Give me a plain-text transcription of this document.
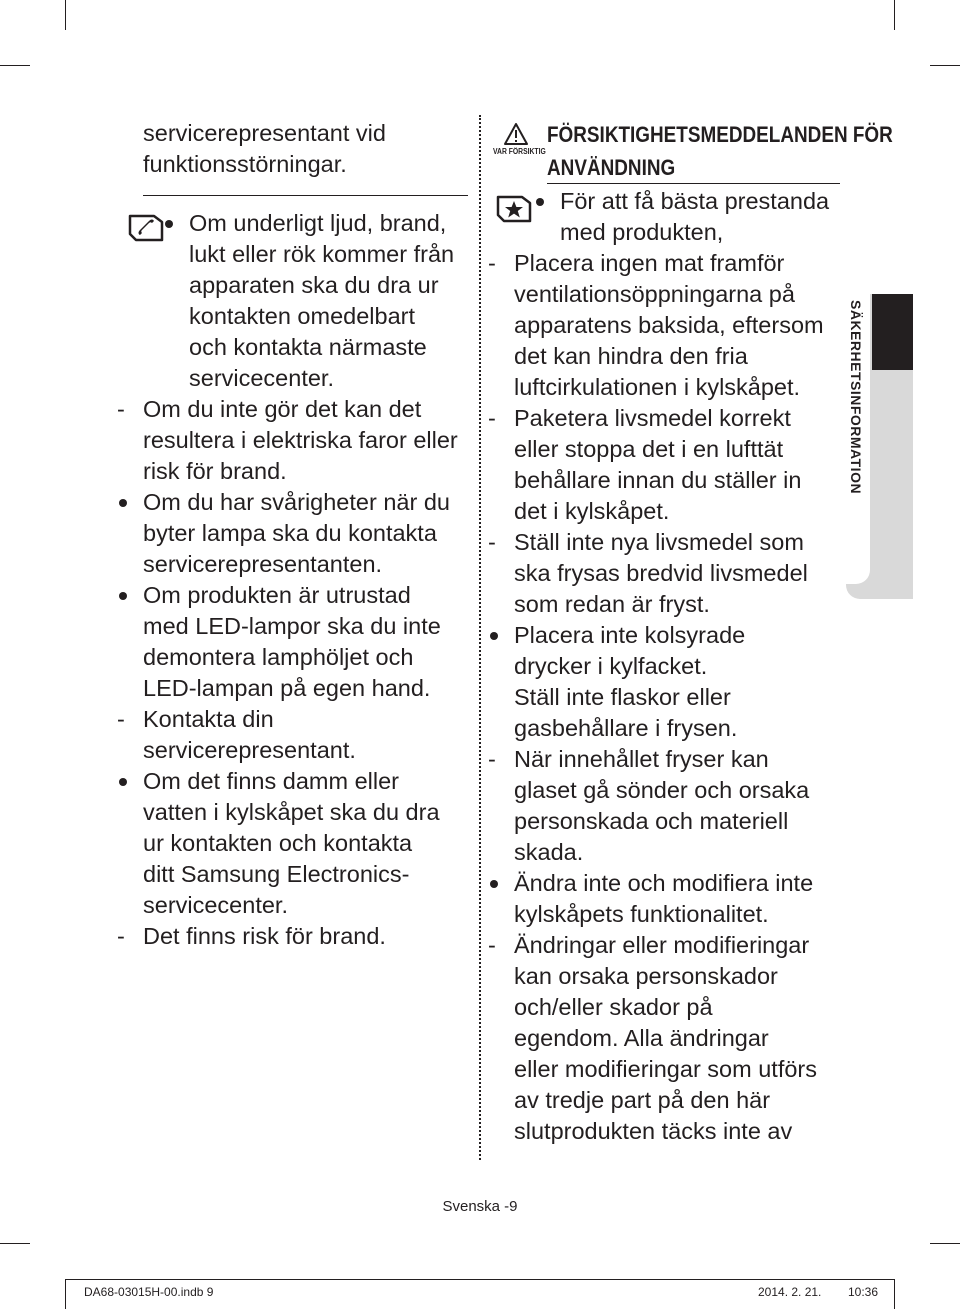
servicerepresentant vid
funktionsstörningar.

Om underligt ljud, brand,
lukt eller rök kommer från
apparaten ska du dra ur
kontakten omedelbart
och kontakta närmaste
servicecenter.

- Om du inte gör det kan det
resultera i elektriska faror eller
risk för brand.

Om du har svårigheter när du
byter lampa ska du kontakta
servicerepresentanten.

Om produkten är utrustad
med LED-lampor ska du inte
demontera lamphöljet och
LED-lampan på egen hand.

- Kontakta din
servicerepresentant.

Om det finns damm eller
vatten i kylskåpet ska du dra
ur kontakten och kontakta
ditt Samsung Electronics-
servicecenter.

- Det finns risk för brand.

VAR FÖRSIKTIG
FÖRSIKTIGHETSMEDDELANDEN FÖR
ANVÄNDNING

För att få bästa prestanda
med produkten,

- Placera ingen mat framför
ventilationsöppningarna på
apparatens baksida, eftersom
det kan hindra den fria
luftcirkulationen i kylskåpet.

- Paketera livsmedel korrekt
eller stoppa det i en lufttät
behållare innan du ställer in
det i kylskåpet.

- Ställ inte nya livsmedel som
ska frysas bredvid livsmedel
som redan är fryst.

Placera inte kolsyrade
drycker i kylfacket.
Ställ inte flaskor eller
gasbehållare i frysen.

- När innehållet fryser kan
glaset gå sönder och orsaka
personskada och materiell
skada.

Ändra inte och modifiera inte
kylskåpets funktionalitet.

- Ändringar eller modifieringar
kan orsaka personskador
och/eller skador på
egendom. Alla ändringar
eller modifieringar som utförs
av tredje part på den här
slutprodukten täcks inte av

SÄKERHETSINFORMATION
Svenska -9
DA68-03015H-00.indb 9	2014. 2. 21. 10:36
